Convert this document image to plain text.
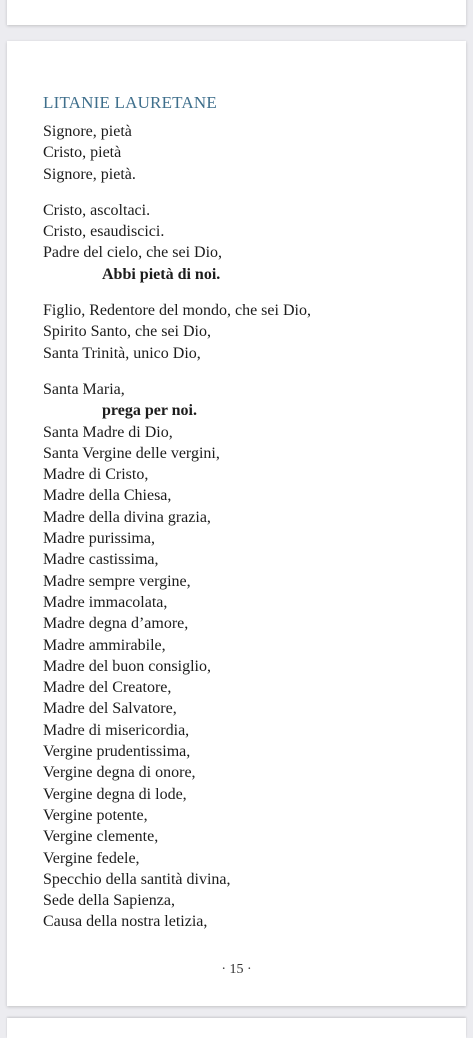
LITANIE LAURETANE
Signore, pietà
Cristo, pietà
Signore, pietà.
Cristo, ascoltaci.
Cristo, esaudiscici.
Padre del cielo, che sei Dio,
Abbi pietà di noi.
Figlio, Redentore del mondo, che sei Dio,
Spirito Santo, che sei Dio,
Santa Trinità, unico Dio,
Santa Maria,
prega per noi.
Santa Madre di Dio,
Santa Vergine delle vergini,
Madre di Cristo,
Madre della Chiesa,
Madre della divina grazia,
Madre purissima,
Madre castissima,
Madre sempre vergine,
Madre immacolata,
Madre degna d’amore,
Madre ammirabile,
Madre del buon consiglio,
Madre del Creatore,
Madre del Salvatore,
Madre di misericordia,
Vergine prudentissima,
Vergine degna di onore,
Vergine degna di lode,
Vergine potente,
Vergine clemente,
Vergine fedele,
Specchio della santità divina,
Sede della Sapienza,
Causa della nostra letizia,
· 15 ·
